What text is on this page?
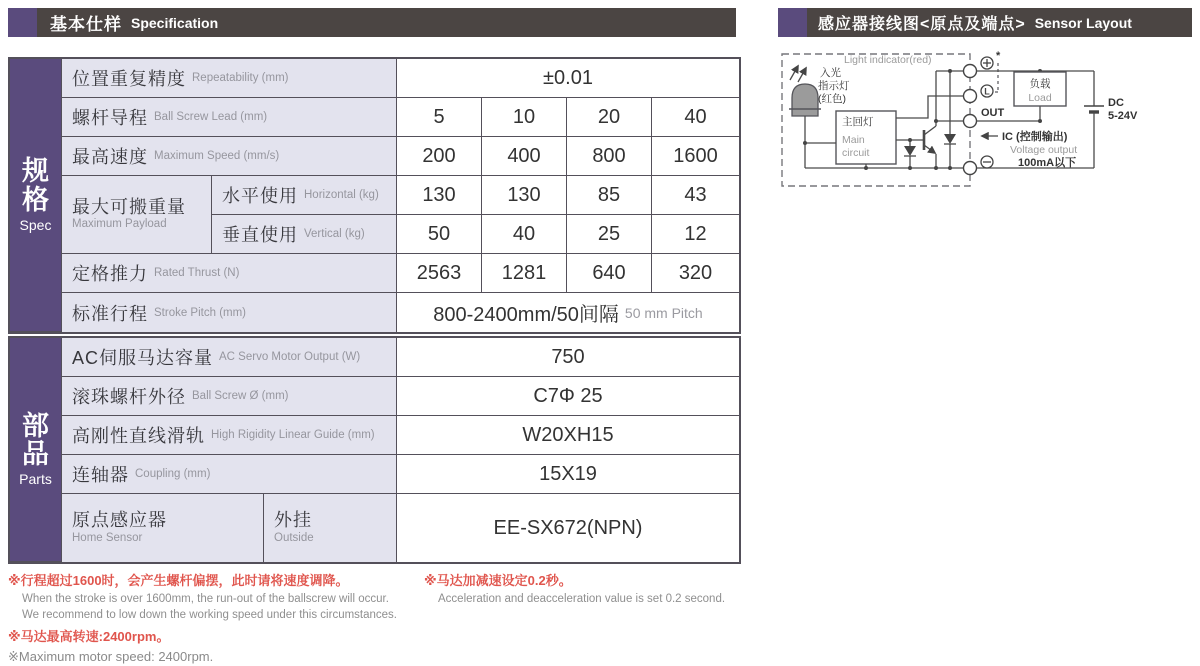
基本仕样 Specification	感应器接线图<原点及端点> Sensor Layout
规格
Spec
位置重复精度 Repeatability (mm)	±0.01
螺杆导程 Ball Screw Lead (mm)	5	10	20	40
最高速度 Maximum Speed (mm/s)	200	400	800	1600
最大可搬重量
Maximum Payload
水平使用 Horizontal (kg)	130	130	85	43
垂直使用 Vertical (kg)	50	40	25	12
定格推力 Rated Thrust (N)	2563	1281	640	320
标准行程 Stroke Pitch (mm)	800-2400mm/50间隔 50 mm Pitch
部品
Parts
AC伺服马达容量 AC Servo Motor Output (W)	750
滚珠螺杆外径 Ball Screw Ø (mm)	C7Φ 25
高刚性直线滑轨 High Rigidity Linear Guide (mm)	W20XH15
连轴器 Coupling (mm)	15X19
原点感应器
Home Sensor
外挂
Outside	EE-SX672(NPN)
※行程超过1600时，会产生螺杆偏摆，此时请将速度调降。
When the stroke is over 1600mm, the run-out of the ballscrew will occur.
We recommend to low down the working speed under this circumstances.
※马达最高转速:2400rpm。
※Maximum motor speed: 2400rpm.
※马达加减速设定0.2秒。
Acceleration and deacceleration value is set 0.2 second.
Light indicator(red)
入光
指示灯
(红色)
主回灯
Main
circuit
*
L
OUT
IC (控制输出)
Voltage output
100mA以下
负载
Load	DC
5-24V
